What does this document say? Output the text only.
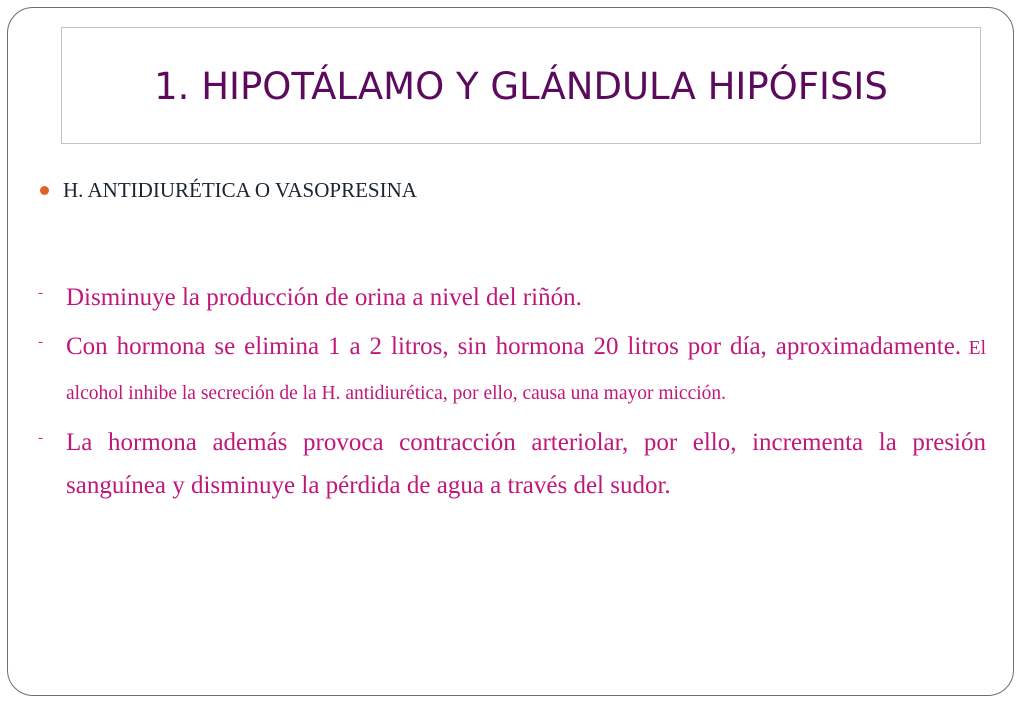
1. HIPOTÁLAMO Y GLÁNDULA HIPÓFISIS
H. ANTIDIURÉTICA O VASOPRESINA
- Disminuye la producción de orina a nivel del riñón.
- Con hormona se elimina 1 a 2 litros, sin hormona 20 litros por día, aproximadamente. El alcohol inhibe la secreción de la H. antidiurética, por ello, causa una mayor micción.
- La hormona además provoca contracción arteriolar, por ello, incrementa la presión sanguínea y disminuye la pérdida de agua a través del sudor.
